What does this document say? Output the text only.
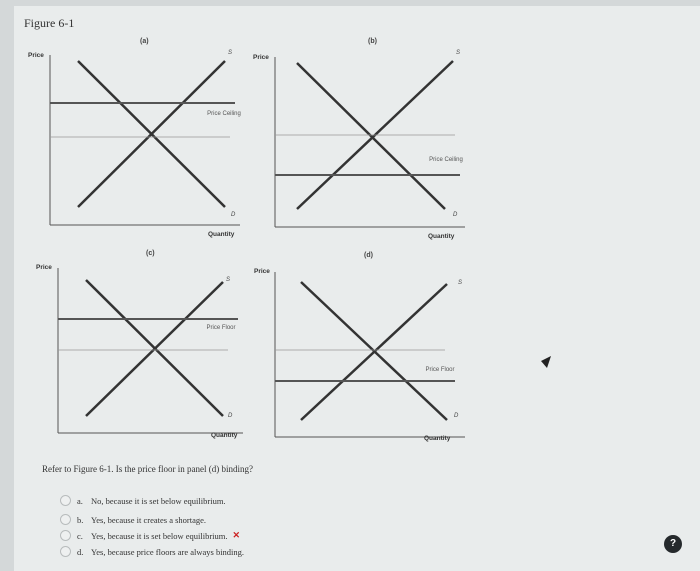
Figure 6-1
(a)
Price	S
D
Price Ceiling
Quantity
(b)
Price
S
D
Price Ceiling
Quantity
(c)
Price
S
D
Price Floor
Quantity
(d)
Price
S
D
Price Floor
Quantity
Refer to Figure 6-1. Is the price floor in panel (d) binding?
a. No, because it is set below equilibrium.
b. Yes, because it creates a shortage.
c. Yes, because it is set below equilibrium. ✕
d. Yes, because price floors are always binding.
?
